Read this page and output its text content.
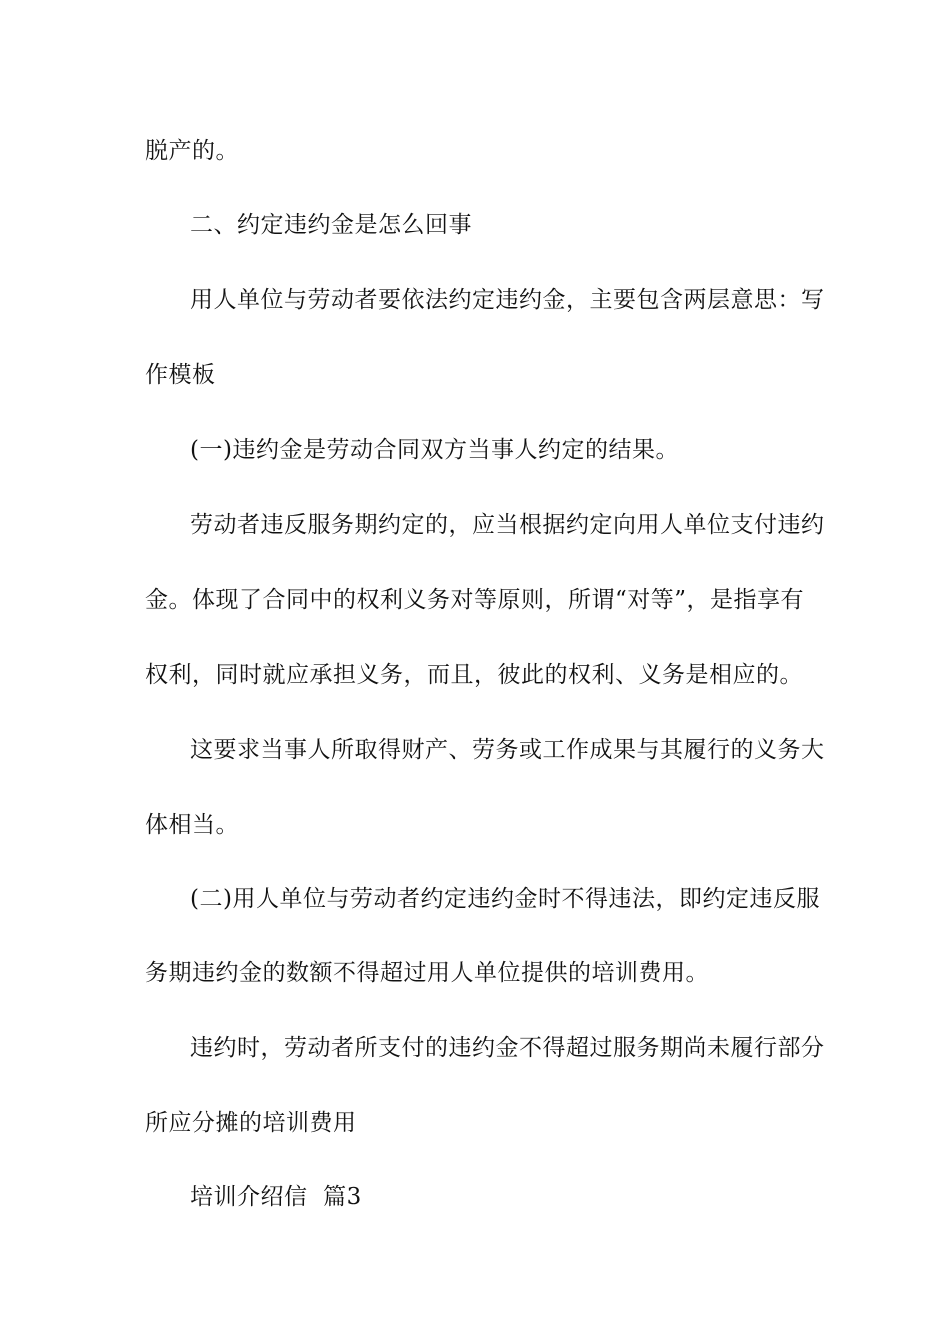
脱产的。
二、约定违约金是怎么回事
用人单位与劳动者要依法约定违约金，主要包含两层意思：写
作模板
(一)违约金是劳动合同双方当事人约定的结果。
劳动者违反服务期约定的，应当根据约定向用人单位支付违约
金。体现了合同中的权利义务对等原则，所谓“对等”，是指享有
权利，同时就应承担义务，而且，彼此的权利、义务是相应的。
这要求当事人所取得财产、劳务或工作成果与其履行的义务大
体相当。
(二)用人单位与劳动者约定违约金时不得违法，即约定违反服
务期违约金的数额不得超过用人单位提供的培训费用。
违约时，劳动者所支付的违约金不得超过服务期尚未履行部分
所应分摊的培训费用
培训介绍信  篇3
